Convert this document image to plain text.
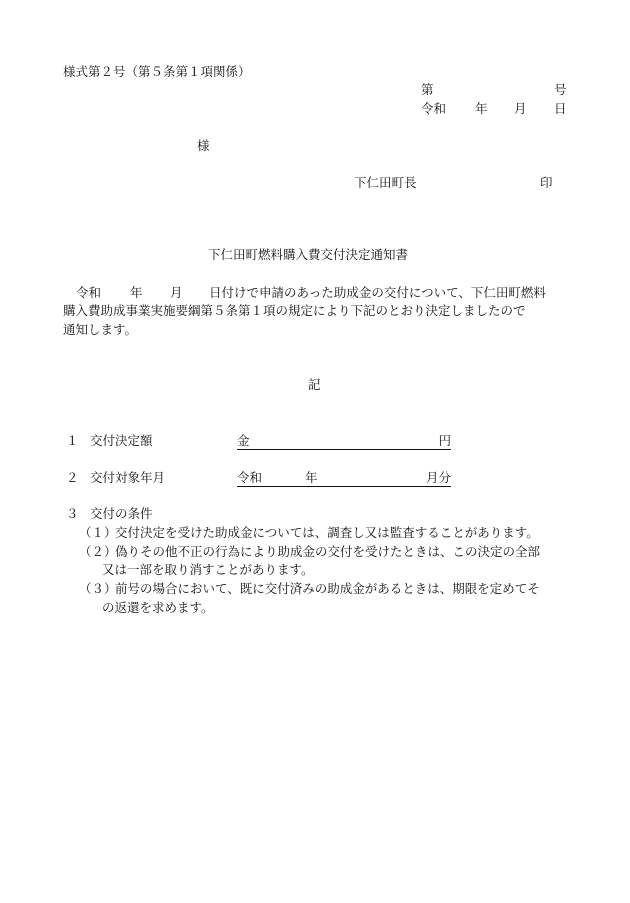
様式第２号（第５条第１項関係）
第	号
令和 年 月 日
様
下仁田町長	印
下仁田町燃料購入費交付決定通知書
令和 年 月 日付けで申請のあった助成金の交付について、下仁田町燃料
購入費助成事業実施要綱第５条第１項の規定により下記のとおり決定しましたので
通知します。
記
１ 交付決定額	金	円
２ 交付対象年月	令和	年	月分
３ 交付の条件
（１）
交付決定を受けた助成金については、調査し又は監査することがあります。
（２）
偽りその他不正の行為により助成金の交付を受けたときは、この決定の全部
又は一部を取り消すことがあります。
（３）
前号の場合において、既に交付済みの助成金があるときは、期限を定めてそ
の返還を求めます。
